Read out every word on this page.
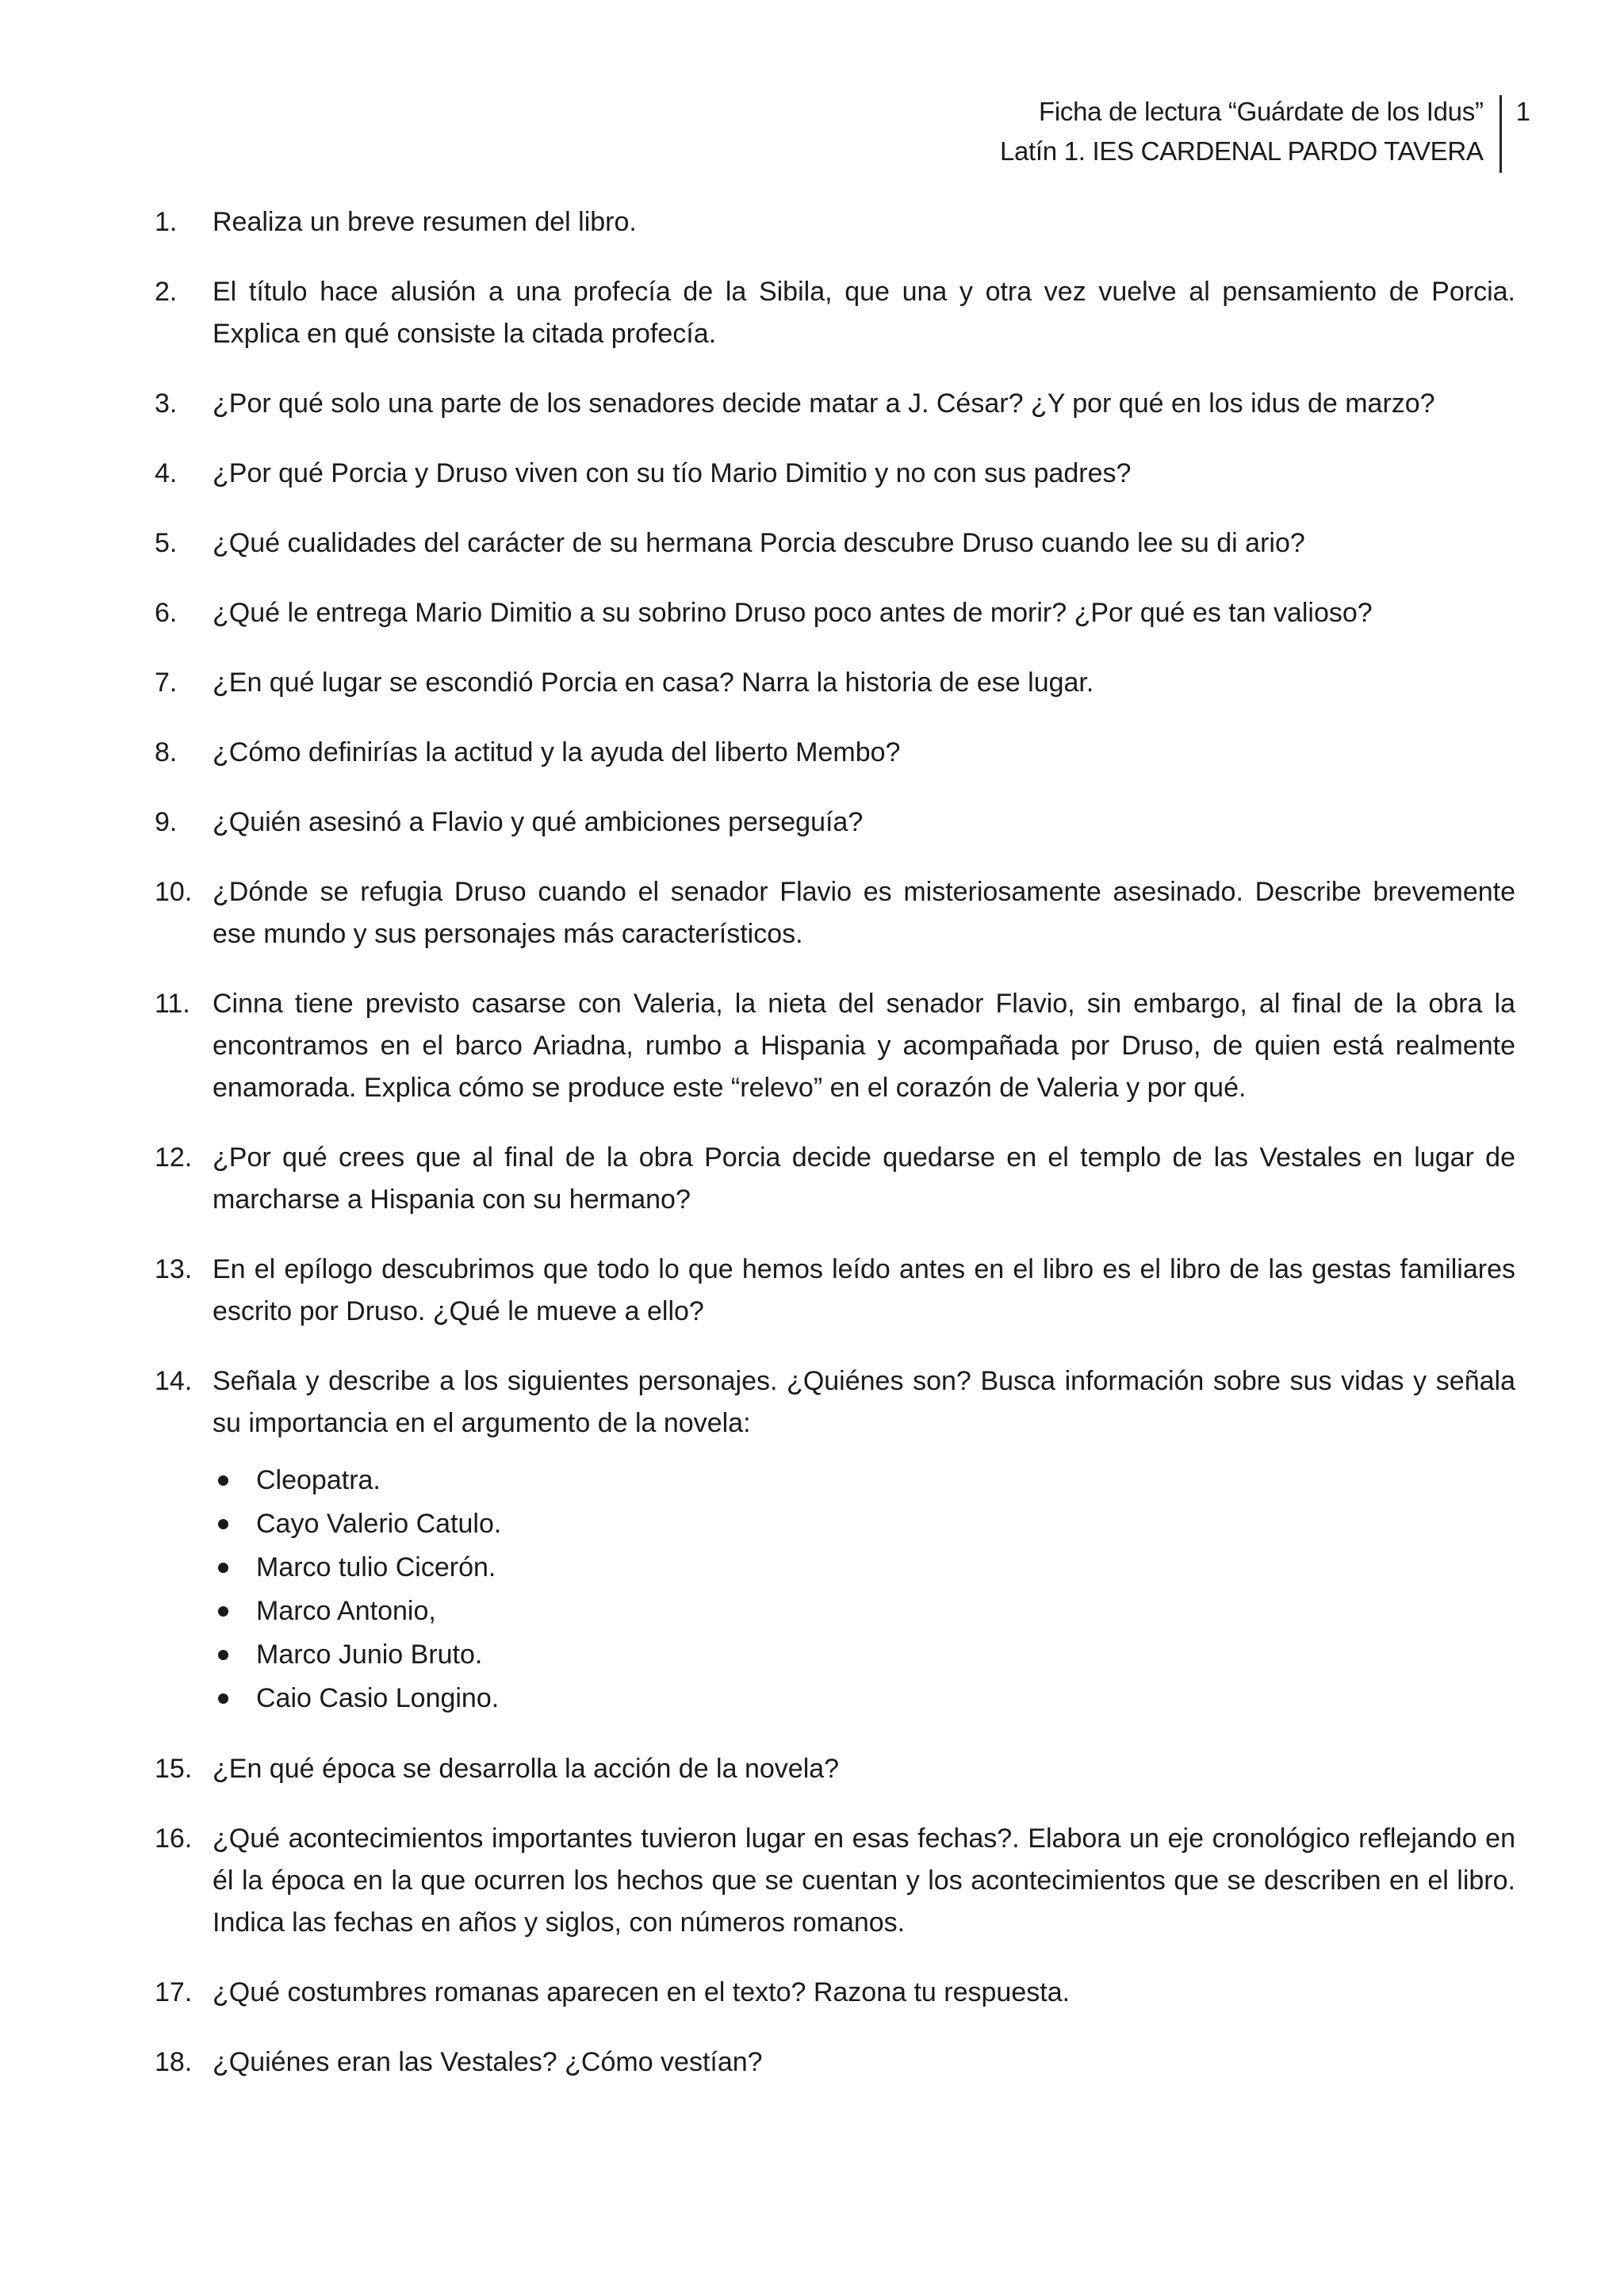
Ficha de lectura “Guárdate de los Idus”
Latín 1. IES CARDENAL PARDO TAVERA
1
1. Realiza un breve resumen del libro.
2. El título hace alusión a una profecía de la Sibila, que una y otra vez vuelve al pensamiento de Porcia. Explica en qué consiste la citada profecía.
3. ¿Por qué solo una parte de los senadores decide matar a J. César? ¿Y por qué en los idus de marzo?
4. ¿Por qué Porcia y Druso viven con su tío Mario Dimitio y no con sus padres?
5. ¿Qué cualidades del carácter de su hermana Porcia descubre Druso cuando lee su di ario?
6. ¿Qué le entrega Mario Dimitio a su sobrino Druso poco antes de morir? ¿Por qué es tan valioso?
7. ¿En qué lugar se escondió Porcia en casa? Narra la historia de ese lugar.
8. ¿Cómo definirías la actitud y la ayuda del liberto Membo?
9. ¿Quién asesinó a Flavio y qué ambiciones perseguía?
10. ¿Dónde se refugia Druso cuando el senador Flavio es misteriosamente asesinado. Describe brevemente ese mundo y sus personajes más característicos.
11. Cinna tiene previsto casarse con Valeria, la nieta del senador Flavio, sin embargo, al final de la obra la encontramos en el barco Ariadna, rumbo a Hispania y acompañada por Druso, de quien está realmente enamorada. Explica cómo se produce este “relevo” en el corazón de Valeria y por qué.
12. ¿Por qué crees que al final de la obra Porcia decide quedarse en el templo de las Vestales en lugar de marcharse a Hispania con su hermano?
13. En el epílogo descubrimos que todo lo que hemos leído antes en el libro es el libro de las gestas familiares escrito por Druso. ¿Qué le mueve a ello?
14. Señala y describe a los siguientes personajes. ¿Quiénes son? Busca información sobre sus vidas y señala su importancia en el argumento de la novela:
Cleopatra.
Cayo Valerio Catulo.
Marco tulio Cicerón.
Marco Antonio,
Marco Junio Bruto.
Caio Casio Longino.
15. ¿En qué época se desarrolla la acción de la novela?
16. ¿Qué acontecimientos importantes tuvieron lugar en esas fechas?. Elabora un eje cronológico reflejando en él la época en la que ocurren los hechos que se cuentan y los acontecimientos que se describen en el libro. Indica las fechas en años y siglos, con números romanos.
17. ¿Qué costumbres romanas aparecen en el texto? Razona tu respuesta.
18. ¿Quiénes eran las Vestales? ¿Cómo vestían?
